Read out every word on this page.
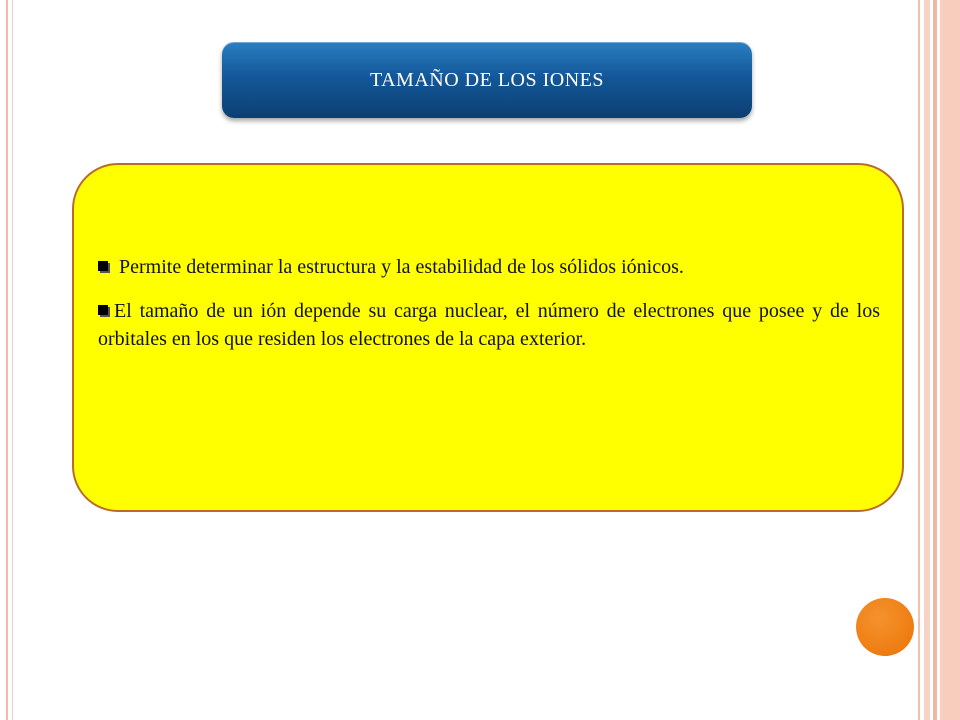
TAMAÑO DE LOS IONES

Permite determinar la estructura y la estabilidad de los sólidos iónicos.

El tamaño de un ión depende su carga nuclear, el número de electrones que posee y de los orbitales en los que residen los electrones de la capa exterior.
